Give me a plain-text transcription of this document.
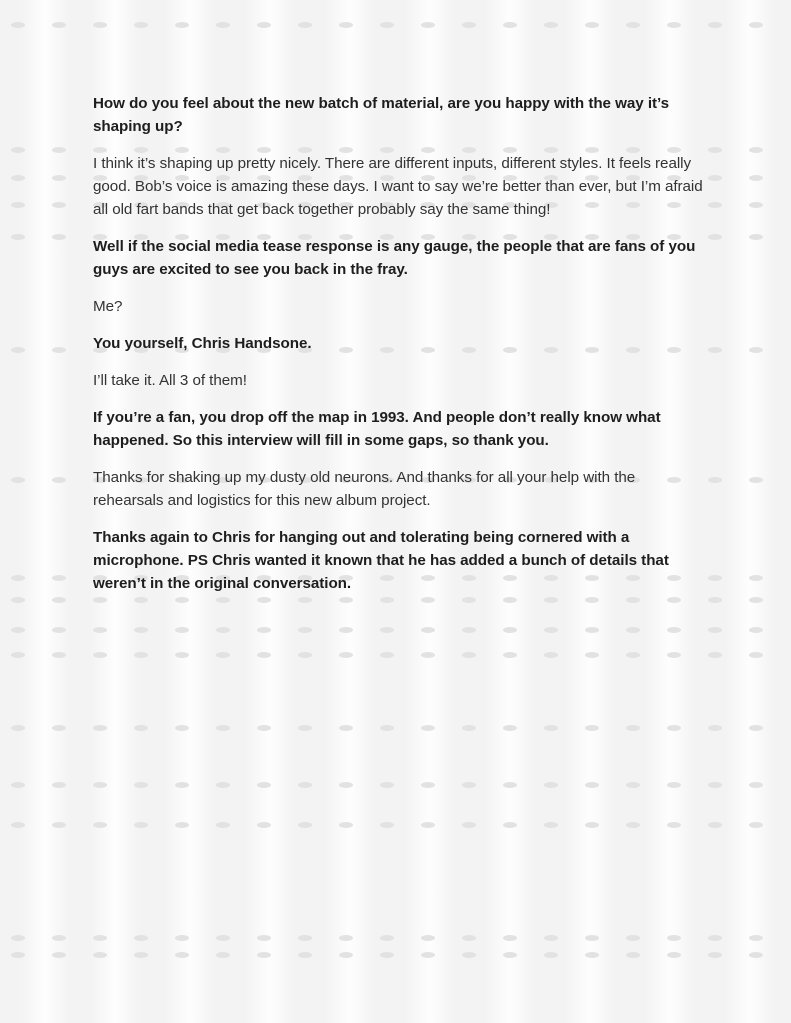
How do you feel about the new batch of material, are you happy with the way it’s shaping up?

I think it’s shaping up pretty nicely. There are different inputs, different styles. It feels really good. Bob’s voice is amazing these days. I want to say we’re better than ever, but I’m afraid all old fart bands that get back together probably say the same thing!

Well if the social media tease response is any gauge, the people that are fans of you guys are excited to see you back in the fray.

Me?

You yourself, Chris Handsone.

I’ll take it. All 3 of them!

If you’re a fan, you drop off the map in 1993. And people don’t really know what happened. So this interview will fill in some gaps, so thank you.

Thanks for shaking up my dusty old neurons. And thanks for all your help with the rehearsals and logistics for this new album project.

Thanks again to Chris for hanging out and tolerating being cornered with a microphone. PS Chris wanted it known that he has added a bunch of details that weren’t in the original conversation.
